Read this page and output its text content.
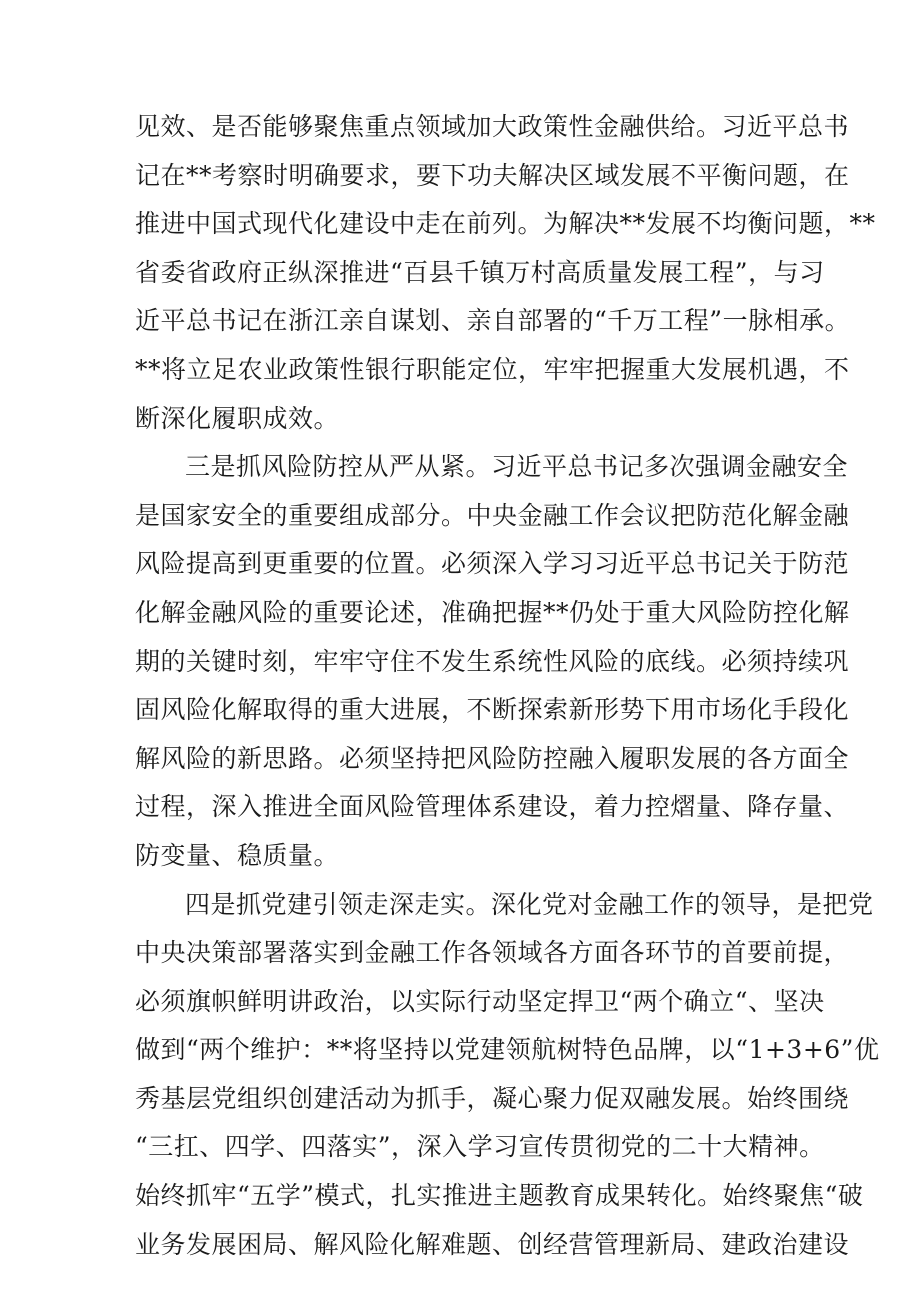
见效、是否能够聚焦重点领域加大政策性金融供给。习近平总书
记在**考察时明确要求，要下功夫解决区域发展不平衡问题，在
推进中国式现代化建设中走在前列。为解决**发展不均衡问题，**
省委省政府正纵深推进“百县千镇万村高质量发展工程”，与习
近平总书记在浙江亲自谋划、亲自部署的“千万工程”一脉相承。
**将立足农业政策性银行职能定位，牢牢把握重大发展机遇，不
断深化履职成效。
三是抓风险防控从严从紧。习近平总书记多次强调金融安全
是国家安全的重要组成部分。中央金融工作会议把防范化解金融
风险提高到更重要的位置。必须深入学习习近平总书记关于防范
化解金融风险的重要论述，准确把握**仍处于重大风险防控化解
期的关键时刻，牢牢守住不发生系统性风险的底线。必须持续巩
固风险化解取得的重大进展，不断探索新形势下用市场化手段化
解风险的新思路。必须坚持把风险防控融入履职发展的各方面全
过程，深入推进全面风险管理体系建设，着力控熠量、降存量、
防变量、稳质量。
四是抓党建引领走深走实。深化党对金融工作的领导，是把党
中央决策部署落实到金融工作各领域各方面各环节的首要前提，
必须旗帜鲜明讲政治，以实际行动坚定捍卫“两个确立“、坚决
做到“两个维护：**将坚持以党建领航树特色品牌，以“1+3+6”优
秀基层党组织创建活动为抓手，凝心聚力促双融发展。始终围绕
“三扛、四学、四落实”，深入学习宣传贯彻党的二十大精神。
始终抓牢“五学”模式，扎实推进主题教育成果转化。始终聚焦“破
业务发展困局、解风险化解难题、创经营管理新局、建政治建设
